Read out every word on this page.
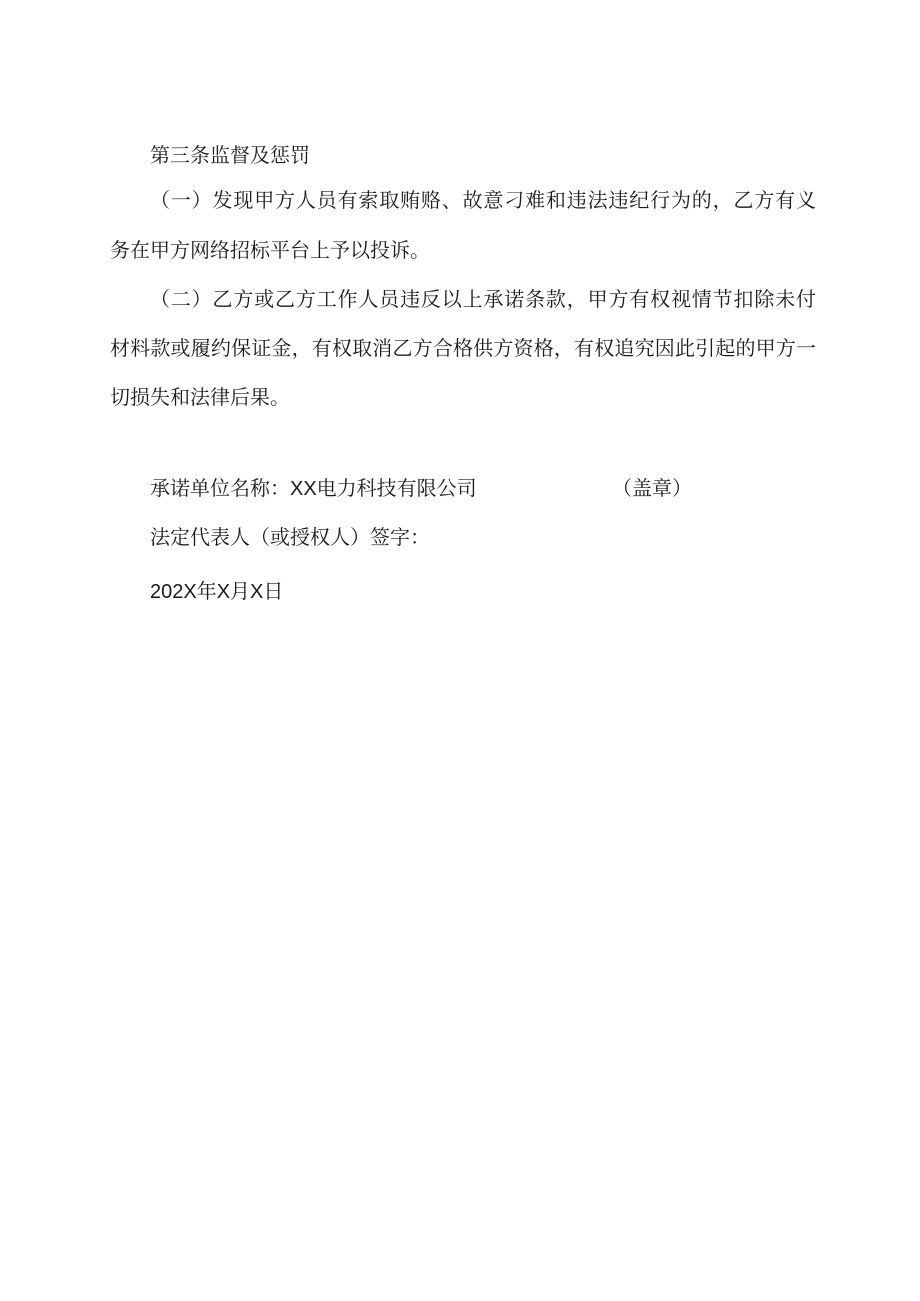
第三条监督及惩罚
（一）发现甲方人员有索取贿赂、故意刁难和违法违纪行为的，乙方有义
务在甲方网络招标平台上予以投诉。
（二）乙方或乙方工作人员违反以上承诺条款，甲方有权视情节扣除未付
材料款或履约保证金，有权取消乙方合格供方资格，有权追究因此引起的甲方一
切损失和法律后果。
承诺单位名称：XX电力科技有限公司	（盖章）
法定代表人（或授权人）签字：
202X年X月X日
